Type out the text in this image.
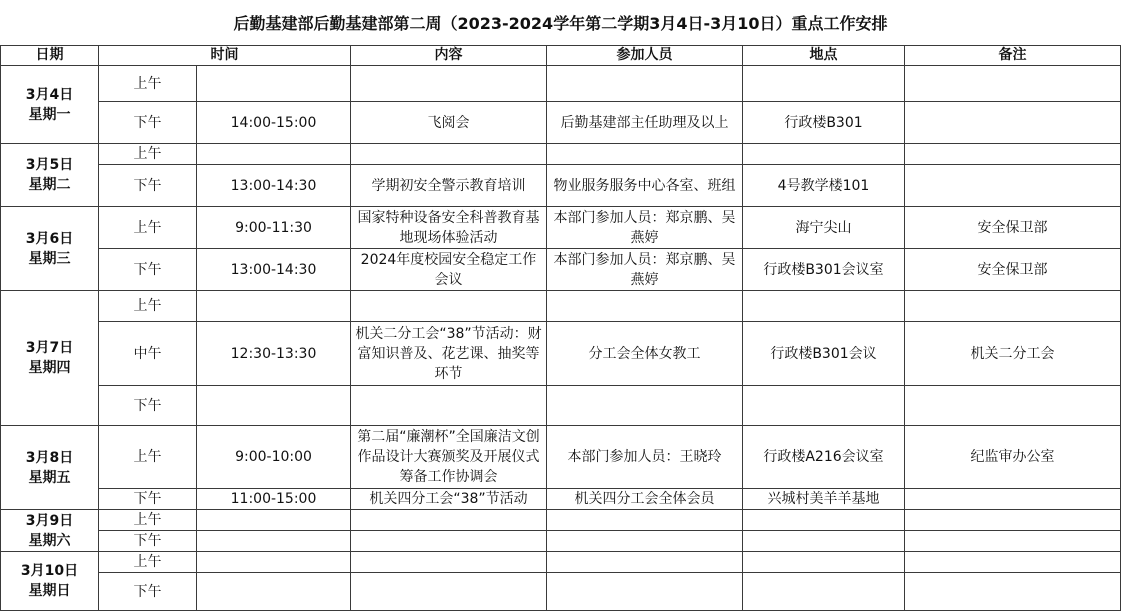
后勤基建部后勤基建部第二周（2023-2024学年第二学期3月4日-3月10日）重点工作安排
日期	时间		内容	参加人员	地点	备注

3月4日
星期一	上午					
	下午	14:00-15:00	飞阅会	后勤基建部主任助理及以上	行政楼B301	

3月5日
星期二	上午					
	下午	13:00-14:30	学期初安全警示教育培训	物业服务服务中心各室、班组	4号教学楼101	

3月6日
星期三	上午	9:00-11:30	国家特种设备安全科普教育基地现场体验活动	本部门参加人员：郑京鹏、吴燕婷	海宁尖山	安全保卫部
	下午	13:00-14:30	2024年度校园安全稳定工作会议	本部门参加人员：郑京鹏、吴燕婷	行政楼B301会议室	安全保卫部

3月7日
星期四	上午					
	中午	12:30-13:30	机关二分工会“38”节活动：财富知识普及、花艺课、抽奖等环节	分工会全体女教工	行政楼B301会议	机关二分工会
	下午					

3月8日
星期五	上午	9:00-10:00	第二届“廉潮杯”全国廉洁文创作品设计大赛颁奖及开展仪式筹备工作协调会	本部门参加人员：王晓玲	行政楼A216会议室	纪监审办公室
	下午	11:00-15:00	机关四分工会“38”节活动	机关四分工会全体会员	兴城村美羊羊基地	

3月9日
星期六	上午					
	下午					

3月10日
星期日	上午					
	下午					
